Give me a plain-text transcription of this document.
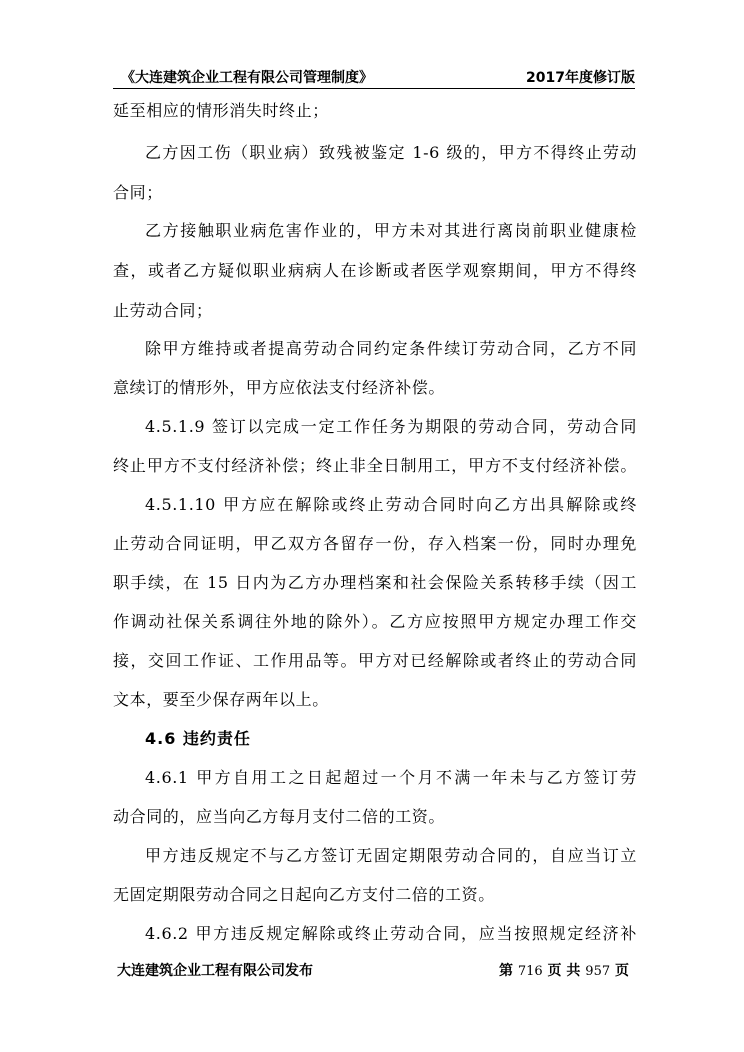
《大连建筑企业工程有限公司管理制度》	2017年度修订版
延至相应的情形消失时终止；
乙方因工伤（职业病）致残被鉴定 1-6 级的，甲方不得终止劳动
合同；
乙方接触职业病危害作业的，甲方未对其进行离岗前职业健康检
查，或者乙方疑似职业病病人在诊断或者医学观察期间，甲方不得终
止劳动合同；
除甲方维持或者提高劳动合同约定条件续订劳动合同，乙方不同
意续订的情形外，甲方应依法支付经济补偿。
4.5.1.9 签订以完成一定工作任务为期限的劳动合同，劳动合同
终止甲方不支付经济补偿；终止非全日制用工，甲方不支付经济补偿。
4.5.1.10 甲方应在解除或终止劳动合同时向乙方出具解除或终
止劳动合同证明，甲乙双方各留存一份，存入档案一份，同时办理免
职手续，在 15 日内为乙方办理档案和社会保险关系转移手续（因工
作调动社保关系调往外地的除外）。乙方应按照甲方规定办理工作交
接，交回工作证、工作用品等。甲方对已经解除或者终止的劳动合同
文本，要至少保存两年以上。
4.6 违约责任
4.6.1 甲方自用工之日起超过一个月不满一年未与乙方签订劳
动合同的，应当向乙方每月支付二倍的工资。
甲方违反规定不与乙方签订无固定期限劳动合同的，自应当订立
无固定期限劳动合同之日起向乙方支付二倍的工资。
4.6.2 甲方违反规定解除或终止劳动合同，应当按照规定经济补
大连建筑企业工程有限公司发布	第 716 页 共 957 页
